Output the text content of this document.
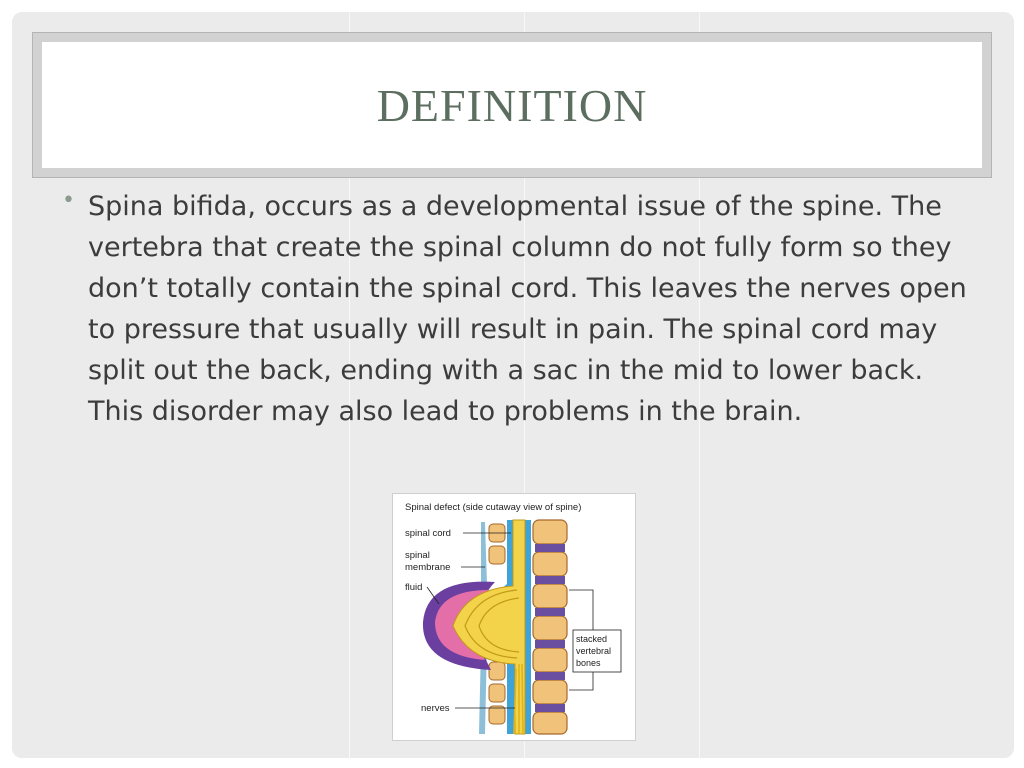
DEFINITION
• Spina bifida, occurs as a developmental issue of the spine. The vertebra that create the spinal column do not fully form so they don’t totally contain the spinal cord. This leaves the nerves open to pressure that usually will result in pain. The spinal cord may split out the back, ending with a sac in the mid to lower back. This disorder may also lead to problems in the brain.
Spinal defect (side cutaway view of spine)
spinal cord
spinal
membrane
fluid
stacked
vertebral
bones
nerves
